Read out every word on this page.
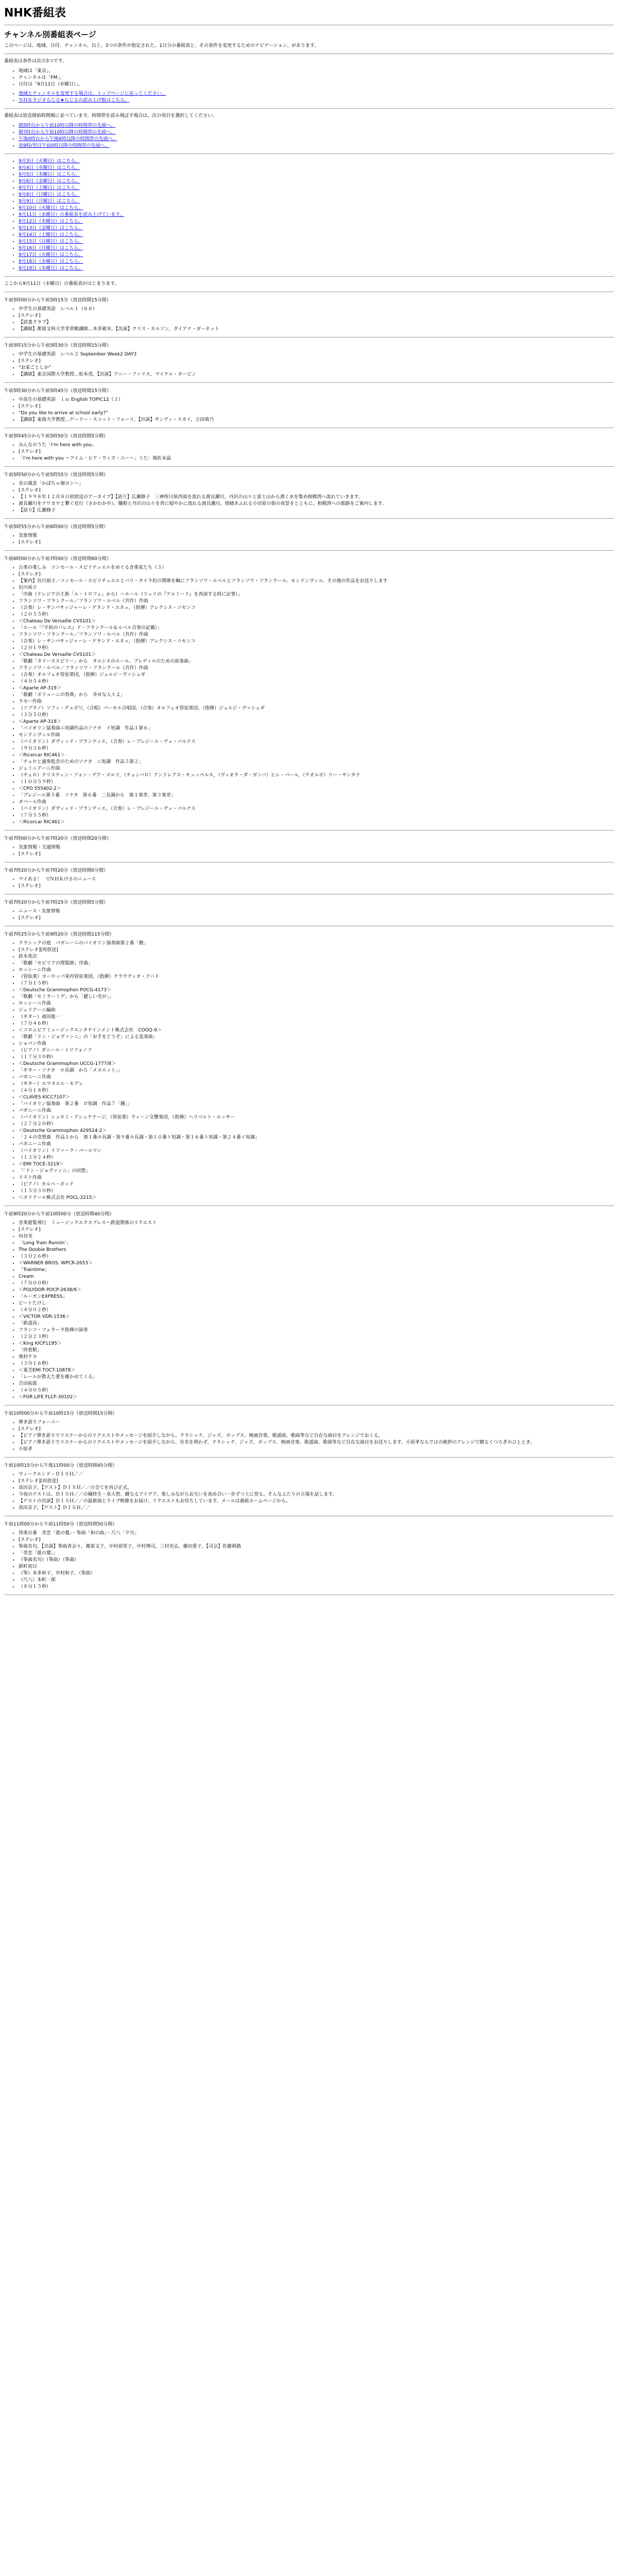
NHK番組表
チャンネル別番組表ページ

このページは、地域、日付、チャンネル、以上、3つの条件が指定された、1日分の番組表と、その条件を変更するためのナビゲーション、があります。

番組表は条件は次の3つです。

• 地域は「東京」。
• チャンネルは「FM」。
• 日付は「9月11日（水曜日）」。
• 地域とチャンネルを変更する場合は、トップページに戻ってください。
• ＮＨＫラジオらじる★らじるの読み上げ版はこちら。

番組表は放送開始時間順に並べています。時間帯を読み飛ばす場合は、次の項目を選択してください。

• 朝5時台から午前10時以降の時間帯の先頭へ。
• 朝7時台から午前10時以降の時間帯の先頭へ。
• 午後0時台から午後6時以降の時間帯の先頭へ。
• 夜9時/翌日午前0時以降の時間帯の先頭へ。
• 9月3日（火曜日）はこちら。
• 9月4日（水曜日）はこちら。
• 9月5日（木曜日）はこちら。
• 9月6日（金曜日）はこちら。
• 9月7日（土曜日）はこちら。
• 9月8日（日曜日）はこちら。
• 9月9日（月曜日）はこちら。
• 9月10日（火曜日）はこちら。
• 9月11日（水曜日）の番組表を読み上げています。
• 9月12日（木曜日）はこちら。
• 9月13日（金曜日）はこちら。
• 9月14日（土曜日）はこちら。
• 9月15日（日曜日）はこちら。
• 9月16日（月曜日）はこちら。
• 9月17日（火曜日）はこちら。
• 9月18日（水曜日）はこちら。
• 9月19日（木曜日）はこちら。

ここから9月11日（水曜日）の番組表がはじまります。

午前5時00分から午前5時15分（放送時間15分間）

• 中学生の基礎英語　レベル１（６６）
• [ステレオ]
• 【読書クラブ】
• 【講師】都留文科大学非常勤講師…本多敏幸，【出演】クリス・ネルソン，ダイアナ・ガーネット

午前5時15分から午前5時30分（放送時間15分間）

• 中学生の基礎英語　レベル２ September Week2 DAY3
• [ステレオ]
• “お家ごとしか”
• 【講師】東京国際大学教授…松本茂，【出演】アニー・ファリス，マイケル・ターピン

午前5時30分から午前5時45分（放送時間15分間）

• 中高生の基礎英語　ｉｎ English TOPIC12（３）
• [ステレオ]
• “Do you like to arrive at school early?”
• 【講師】東海大学教授…ゲーリー・スコット・フォーリ，【出演】サンディ・スカイ，立田萌乃

午前5時45分から午前5時50分（放送時間5分間）

• みんなのうた「I’m here with you」
• [ステレオ]
• 「I’m here with you ～アイム・ヒア・ウィズ・ユー～」うた：堀佐未晶

午前5時50分から午前5時55分（放送時間5分間）

• 音の風景「かぼちゃ畑ヨン～」
• [ステレオ]
• 【１９９８年１２月８日初放送のアーカイブ】【語り】広瀬修子　三神所川県西部を流れる渡良瀬川。丹沢の山々と富士山から湧く水を集め相模湾へ流れていきます。
• 渡良瀬川をナワカヤと繋ぐ見行（さかわかや）。職根と丹沢の山々を背に穏やかに流れる渡良瀬川。情緒あふれる小田原の街の夜景をとともに、相模湾への旅路をご案内します。
• 【語り】広瀬修子

午前5時55分から午前6時00分（放送時間5分間）

• 気象情報
• [ステレオ]

午前6時00分から午前7時00分（放送時間60分間）

• 古楽の楽しみ　コンセール・スピリチュエルをめぐる音楽家たち（３）
• [ステレオ]
• 【案内】岩川裕子／コンセール・スピリチュエルとパリ・タイラ伯の関係を軸にフランソワ・ルベルとフランソワ・フランクール、モンドンヴィル、その他の作品をお送りします
• 岩川裕子
• 「序曲（テレジアの王族「ル・トロフェ」から）～エール（リュリの『アルミード』を再演する時に記事）」
• フランソワ・フランクール／フランソワ・ルベル（共作）作曲
• （合奏）レ・サンパサッジャーレ・ゲランド・エネュ，（指揮）アレクシス・コセンコ
• （２０５５秒）
• ＜Chateau De Versaille CVS101＞
• 「エール「『平和のバレエ』ド・フランクール＆ルベル合奏の記載）」
• フランソワ・フランクール／フランソワ・ルベル（共作）作曲
• （合奏）レ・サンパサッジャーレ・ゲランド・エネュ，（指揮）アレクシス・コセンコ
• （２分１９秒）
• ＜Chateau De Versaille CVS101＞
• 「歌劇「タリーススピリー」から　タルシスのエール、ブレディエのための前奏曲」
• フランソワ・ルベル／フランソワ・フランクール（共作）作曲
• （合奏）オルフェオ管弦楽団，（指揮）ジェルジ・ヴァシェギ
• （４分５４秒）
• ＜Aparte AP-319＞
• 「歌劇「ボリューニの祭典」から　幸せな人々よ」
• ラモー作曲
• （ソプラノ）ソフィ・デュボワ，（合唱）パーセル合唱団，（合奏）オルフェオ管弦楽団，（指揮）ジェルジ・ヴァシェギ
• （３分５０秒）
• ＜Aparte AP-319＞
• 「バイオリン協奏曲ニ短調作品のソナタ　イ短調　作品１第６」
• モンドンヴィル作曲
• （バイオリン）ダヴィッド・プランティエ，（合奏）レ・ブレジール・デュ・パルナス
• （９分３６秒）
• ＜Ricercar RIC461＞
• 「チェロと通奏低音のためのソナタ　ニ短調　作品５第２」
• ジェミニアーニ作曲
• （チェロ）クリスティン・フォン・デア・ゴルツ，（チェンバロ）アンドレアス・キュッペルス，（ヴィオラ・ダ・ガンバ）ヒレ・パール，（テオルボ）リー・サンタナ
• （１０分５９秒）
• ＜CPO 555402-2＞
• 「ブレジール第５番　ソナタ　第６番　二長調から　第１楽章、第３楽章」
• オベール作曲
• （バイオリン）ダヴィッド・プランティエ，（合奏）レ・ブレジール・デュ・パルナス
• （７分５５秒）
• ＜Ricercar RIC461＞

午前7時00分から午前7時20分（放送時間20分間）

• 気象情報・交通情報
• [ステレオ]

午前7時20分から午前7時20分（放送時間0分間）

• マイあさ！　▽ＮＨＫけさのニュース
• [ステレオ]

午前7時20分から午前7時25分（放送時間5分間）

• ニュース・気象情報
• [ステレオ]

午前7時25分から午前9時20分（放送時間115分間）

• クラシックの庭　パガニーニのバイオリン協奏曲第２番「鐘」
• [ステレオ][再放送]
• 鈴木英次
• 「歌劇「セビリアの理髪師」序曲」
• ロッシーニ作曲
• （管弦楽）ヨーロッパ室内管弦楽団，（指揮）クラウディオ・アバド
• （７分１５秒）
• ＜Deutsche Grammophon POCG-4173＞
• 「歌劇「セミラーミデ」から「麗しい光が」」
• ロッシーニ作曲
• ジェリアーニ編曲
• （ギター）福田進一
• （７分４６秒）
• ＜コロムビアミュージックエンタテインメント株式会社　COGQ-9＞
• 「歌劇「ドン・ジョヴァンニ」の「お手をどうぞ」による変奏曲」
• ショパン作曲
• （ピアノ）ダニール・トリフォノフ
• （１７分３０秒）
• ＜Deutsche Grammophon UCCG-1777/8＞
• 「ギター・ソナタ　ホ長調　から「メヌエット」」
• パガニーニ作曲
• （ギター）エマヌエル・セグレ
• （４分１８秒）
• ＜CLAVES KICC7107＞
• 「バイオリン協奏曲　第２番　ロ短調　作品７「鐘」」
• パガニーニ作曲
• （バイオリン）シュロミ・アシュケナージ，（管弦楽）ウィーン交響楽団，（指揮）ヘリベルト・エッサー
• （２７分２０秒）
• ＜Deutsche Grammophon 429524-2＞
• 「２４の奇想曲　作品１から　第１番ホ長調・第９番ホ長調・第１０番ト短調・第１６番ト短調・第２４番イ短調」
• パガニーニ作曲
• （バイオリン）イツァーク・パールマン
• （１３分２４秒）
• ＜EMI TOCE-3219＞
• 「「ドン・ジョヴァンニ」の回想」
• リスト作曲
• （ピアノ）カルベ・ポッド
• （１５分３０秒）
• ＜ポリドール株式会社 POCL-2215＞

午前9時20分から午前10時00分（放送時間40分間）

• 音楽遊覧飛行　ミュージックエクスプレス～鉄道関係のリクエスト
• [ステレオ]
• 向谷実
• 「Long Train Runnin’」
• The Doobie Brothers
• （３分２６秒）
• ＜WARNER BROS. WPCR-2653＞
• 「Traintime」
• Cream
• （７分００秒）
• ＜POLYDOR POCP-2638/9＞
• 「ルーガンEXPRESS」
• ビートたけし
• （４分０２秒）
• ＜VICTOR VDR-1536＞
• 「鉄道員」
• フランコ・フェラーラ指揮の演奏
• （２分２３秒）
• ＜King KICP1195＞
• 「終着駅」
• 奥村チヨ
• （３分１６秒）
• ＜東芝EMI TOCT-10878＞
• 「レールが教えた愛を確かめてくる」
• 吉田拓郎
• （４分０５秒）
• ＜FOR LIFE FLCF-30102＞

午前10時00分から午前10時15分（放送時間15分間）

• 弾き語りフォーユー
• [ステレオ]
• 【ピアノ弾き語りでリスナーからのリクエストやメッセージを紹介しながら、クラシック、ジャズ、ポップス、映画音楽、歌謡曲、歌曲等など自在な曲目をアレンジでおくる。
• 【ピアノ弾き語りでリスナーからのリクエストやメッセージを紹介しながら、有名を問わず、クラシック、ジャズ、ポップス、映画音楽、歌謡曲、歌曲等など自在な曲目をお送りします。小原孝ならではの絶妙のアレンジで贈るくつろぎのひととき。
• 小原孝

午前10時15分から午後11時00分（放送時間45分間）

• ウィークエンド・ＤＩＳＨ／／
• [ステレオ][再放送]
• 高田京子，【ゲスト】ＤＩＳＨ／／の全てを再び正式。
• 今夜のゲストは、ＤＩＳＨ／／の橘柊生・泉大智。雌なるアイデア、楽しみながらお互いを高め合い一歩ずつ上に登る。そんなふたりの立場を話します。
• 【ゲストの出演】ＤＩＳＨ／／の最新曲とライブ映像をお届け。リクエストもお待ちしています。メールは番組ホームページから。
• 高田京子，【ゲスト】ＤＩＳＨ／／

午前11時00分から午前11時50分（放送時間50分間）

• 邦楽百番　奇恋「遊の鶯」・筝曲「和の曲」・尺八「夕月」
• [ステレオ]
• 筝曲名句，【出演】筝曲者会々，篠笛文子，中村裕里子，中村博司，三村充弘，藤田愛子，【司会】佐藤莉路
• 「奇恋「遊の鶯」」
• （筝曲名句）（筝曲）（筝曲）
• 新町初日
• （筝）本多和子，中村和子，（筝曲）
• （尺八）本町一郎
• （８分１５秒）
